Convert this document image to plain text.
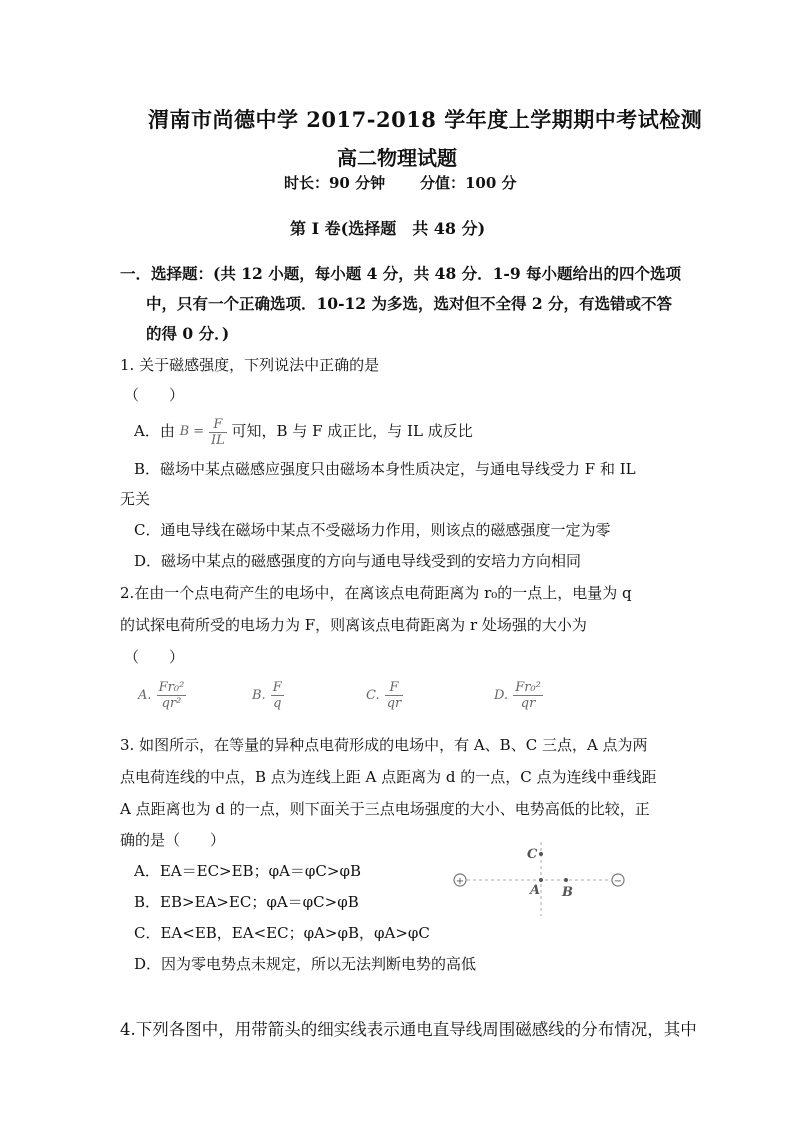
渭南市尚德中学 2017-2018 学年度上学期期中考试检测
高二物理试题
时长：90 分钟 分值：100 分
第 I 卷(选择题　共 48 分)
一．选择题：(共 12 小题，每小题 4 分，共 48 分．1-9 每小题给出的四个选项
中，只有一个正确选项．10-12 为多选，选对但不全得 2 分，有选错或不答
的得 0 分．)
1. 关于磁感强度，下列说法中正确的是
（　　）
A．由 $B = \frac{F}{IL}$ 可知，B 与 F 成正比，与 IL 成反比
B．磁场中某点磁感应强度只由磁场本身性质决定，与通电导线受力 F 和 IL
无关
C．通电导线在磁场中某点不受磁场力作用，则该点的磁感强度一定为零
D．磁场中某点的磁感强度的方向与通电导线受到的安培力方向相同
2.在由一个点电荷产生的电场中，在离该点电荷距离为 r₀的一点上，电量为 q
的试探电荷所受的电场力为 F，则离该点电荷距离为 r 处场强的大小为
（　　）
A. $\frac{\text{Fr₀²}}{\text{qr²}}$	B. $\frac{F}{q}$	C. $\frac{F}{qr}$	D. $\frac{\text{Fr₀²}}{qr}$
3. 如图所示，在等量的异种点电荷形成的电场中，有 A、B、C 三点，A 点为两
点电荷连线的中点，B 点为连线上距 A 点距离为 d 的一点，C 点为连线中垂线距
A 点距离也为 d 的一点，则下面关于三点电场强度的大小、电势高低的比较，正
确的是（　　）
A．EA＝EC>EB；φA＝φC>φB
B．EB>EA>EC；φA＝φC>φB
C．EA<EB，EA<EC；φA>φB，φA>φC
D．因为零电势点未规定，所以无法判断电势的高低
+	−
A B
C
4.下列各图中，用带箭头的细实线表示通电直导线周围磁感线的分布情况，其中
